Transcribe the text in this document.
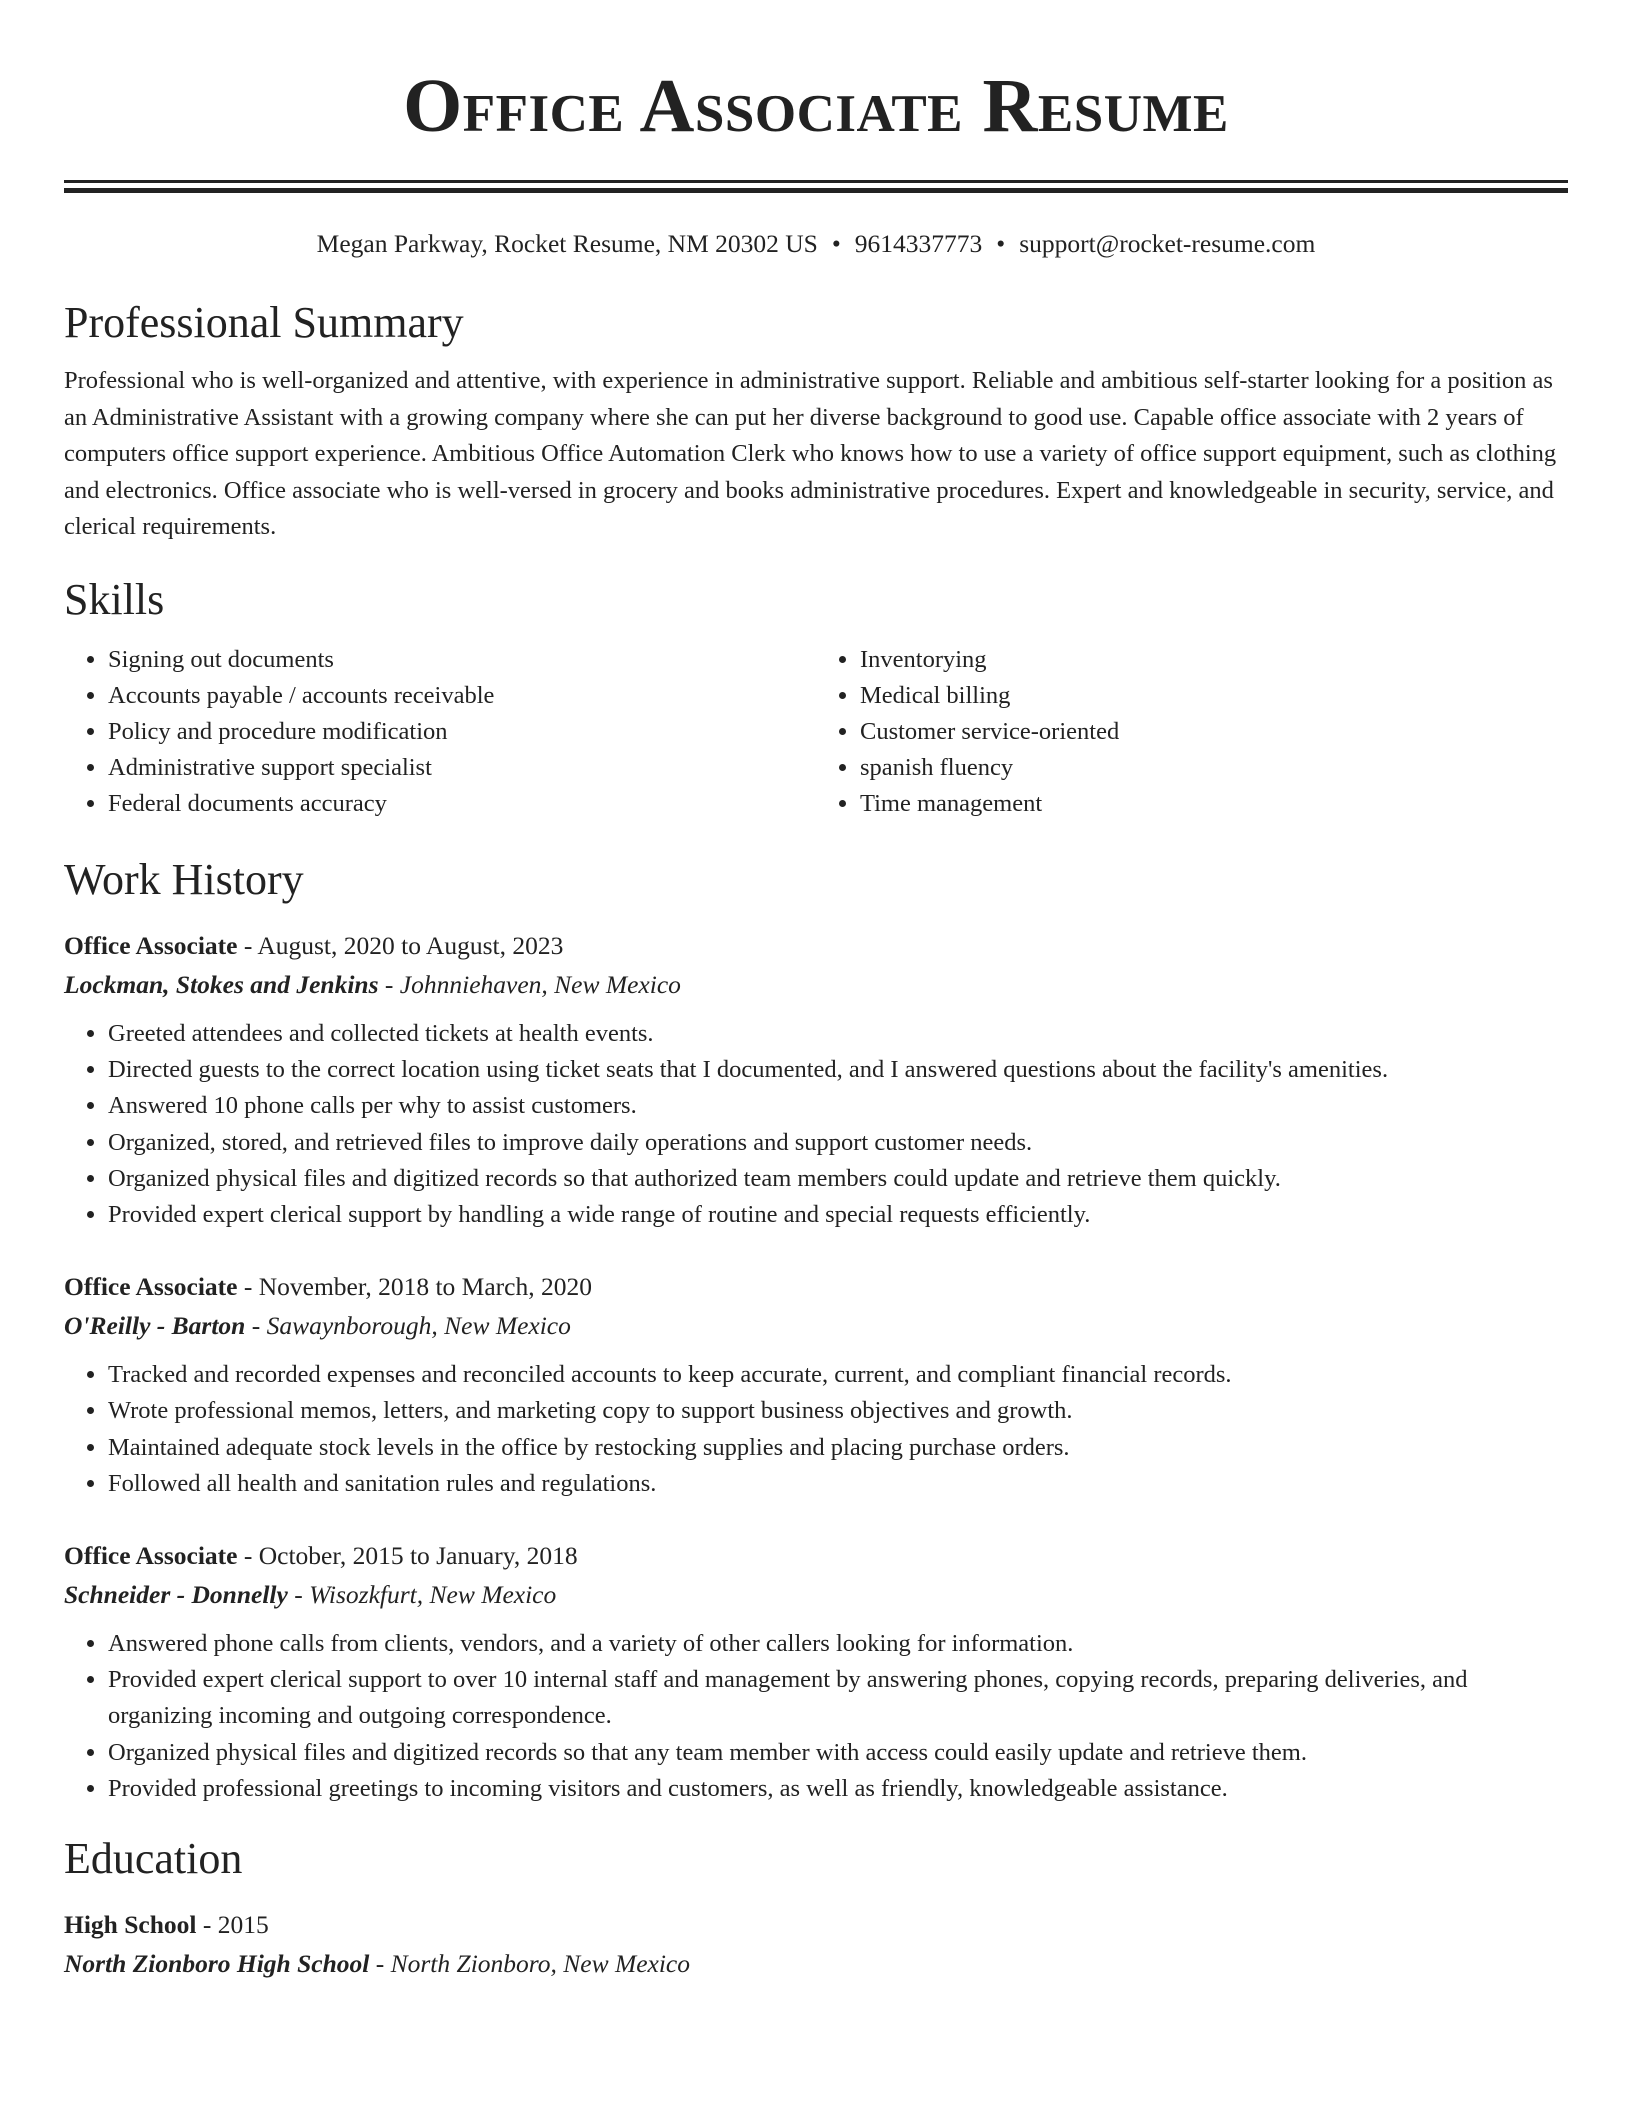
Office Associate Resume
Megan Parkway, Rocket Resume, NM 20302 US • 9614337773 • support@rocket-resume.com
Professional Summary

Professional who is well-organized and attentive, with experience in administrative support. Reliable and ambitious self-starter looking for a position as an Administrative Assistant with a growing company where she can put her diverse background to good use. Capable office associate with 2 years of computers office support experience. Ambitious Office Automation Clerk who knows how to use a variety of office support equipment, such as clothing and electronics. Office associate who is well-versed in grocery and books administrative procedures. Expert and knowledgeable in security, service, and clerical requirements.

Skills
• Signing out documents
• Accounts payable / accounts receivable
• Policy and procedure modification
• Administrative support specialist
• Federal documents accuracy
• Inventorying
• Medical billing
• Customer service-oriented
• spanish fluency
• Time management
Work History
Office Associate - August, 2020 to August, 2023
Lockman, Stokes and Jenkins - Johnniehaven, New Mexico
• Greeted attendees and collected tickets at health events.
• Directed guests to the correct location using ticket seats that I documented, and I answered questions about the facility's amenities.
• Answered 10 phone calls per why to assist customers.
• Organized, stored, and retrieved files to improve daily operations and support customer needs.
• Organized physical files and digitized records so that authorized team members could update and retrieve them quickly.
• Provided expert clerical support by handling a wide range of routine and special requests efficiently.
Office Associate - November, 2018 to March, 2020
O'Reilly - Barton - Sawaynborough, New Mexico
• Tracked and recorded expenses and reconciled accounts to keep accurate, current, and compliant financial records.
• Wrote professional memos, letters, and marketing copy to support business objectives and growth.
• Maintained adequate stock levels in the office by restocking supplies and placing purchase orders.
• Followed all health and sanitation rules and regulations.
Office Associate - October, 2015 to January, 2018
Schneider - Donnelly - Wisozkfurt, New Mexico
• Answered phone calls from clients, vendors, and a variety of other callers looking for information.
• Provided expert clerical support to over 10 internal staff and management by answering phones, copying records, preparing deliveries, and organizing incoming and outgoing correspondence.
• Organized physical files and digitized records so that any team member with access could easily update and retrieve them.
• Provided professional greetings to incoming visitors and customers, as well as friendly, knowledgeable assistance.
Education
High School - 2015
North Zionboro High School - North Zionboro, New Mexico
